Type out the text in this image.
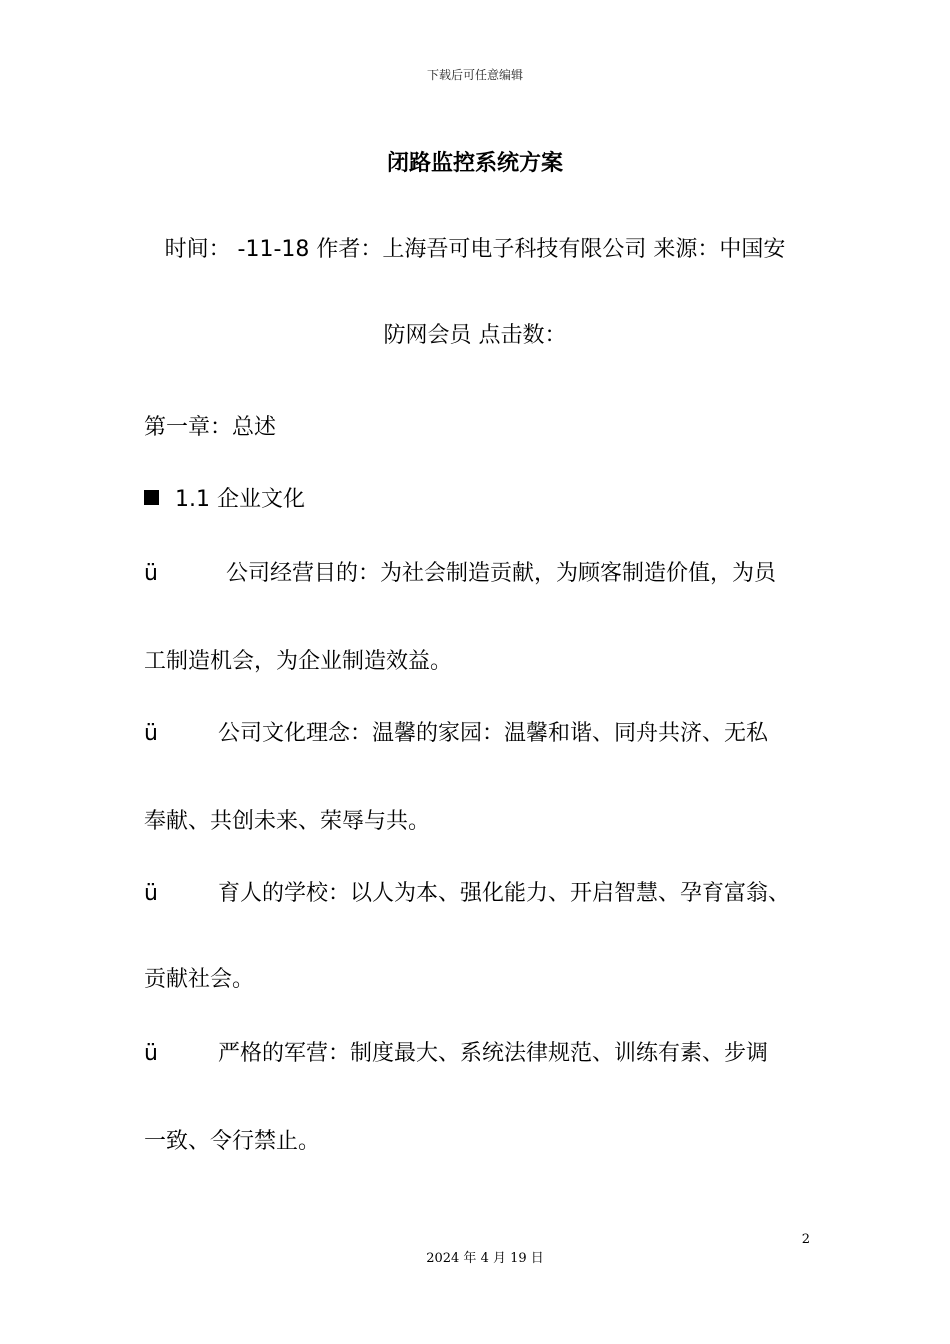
下载后可任意编辑
闭路监控系统方案
时间： -11-18 作者：上海吾可电子科技有限公司 来源：中国安
防网会员 点击数：
第一章：总述
1.1 企业文化
ü	公司经营目的：为社会制造贡献，为顾客制造价值，为员
工制造机会，为企业制造效益。
ü	公司文化理念：温馨的家园：温馨和谐、同舟共济、无私
奉献、共创未来、荣辱与共。
ü	育人的学校：以人为本、强化能力、开启智慧、孕育富翁、
贡献社会。
ü	严格的军营：制度最大、系统法律规范、训练有素、步调
一致、令行禁止。
2
2024 年 4 月 19 日
